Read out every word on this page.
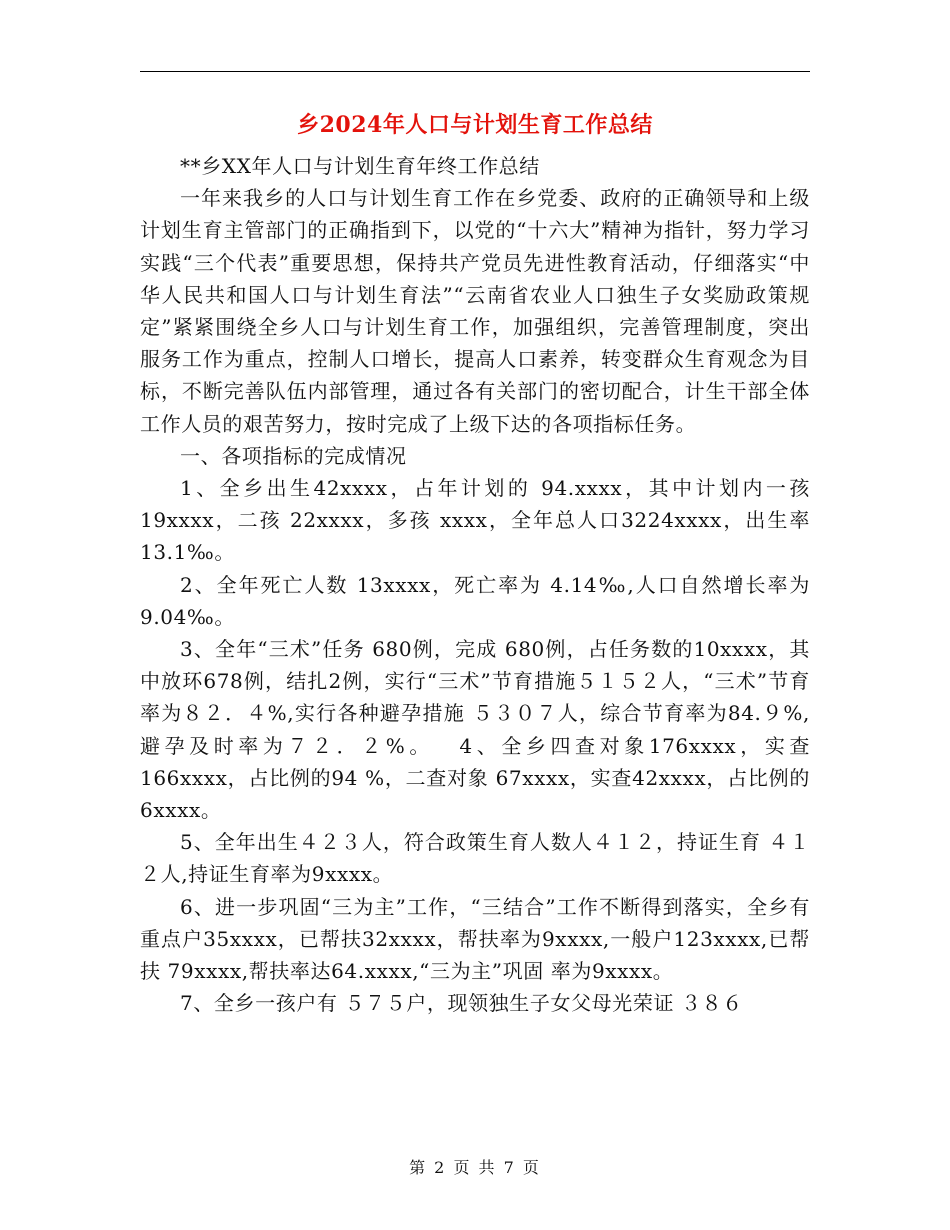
乡2024年人口与计划生育工作总结

**乡XX年人口与计划生育年终工作总结

一年来我乡的人口与计划生育工作在乡党委、政府的正确领导和上级计划生育主管部门的正确指到下，以党的“十六大”精神为指针，努力学习实践“三个代表”重要思想，保持共产党员先进性教育活动，仔细落实“中华人民共和国人口与计划生育法”“云南省农业人口独生子女奖励政策规定”紧紧围绕全乡人口与计划生育工作，加强组织，完善管理制度，突出服务工作为重点，控制人口增长，提高人口素养，转变群众生育观念为目标，不断完善队伍内部管理，通过各有关部门的密切配合，计生干部全体工作人员的艰苦努力，按时完成了上级下达的各项指标任务。

一、各项指标的完成情况

1、全乡出生42xxxx，占年计划的 94.xxxx，其中计划内一孩19xxxx，二孩 22xxxx，多孩 xxxx，全年总人口3224xxxx，出生率13.1‰。

2、全年死亡人数 13xxxx，死亡率为 4.14‰,人口自然增长率为9.04‰。

3、全年“三术”任务 680例，完成 680例，占任务数的10xxxx，其中放环678例，结扎2例，实行“三术”节育措施５１５２人，“三术”节育率为８２．４%,实行各种避孕措施 ５３０７人，综合节育率为84.９%,避孕及时率为７２．２%。　 4、全乡四查对象176xxxx，实查 166xxxx，占比例的94 %，二查对象 67xxxx，实查42xxxx，占比例的 6xxxx。

5、全年出生４２３人，符合政策生育人数人４１２，持证生育 ４１２人,持证生育率为9xxxx。

6、进一步巩固“三为主”工作，“三结合”工作不断得到落实，全乡有重点户35xxxx，已帮扶32xxxx，帮扶率为9xxxx,一般户123xxxx,已帮扶 79xxxx,帮扶率达64.xxxx,“三为主”巩固 率为9xxxx。

7、全乡一孩户有 ５７５户，现领独生子女父母光荣证 ３８６

第 2 页 共 7 页
